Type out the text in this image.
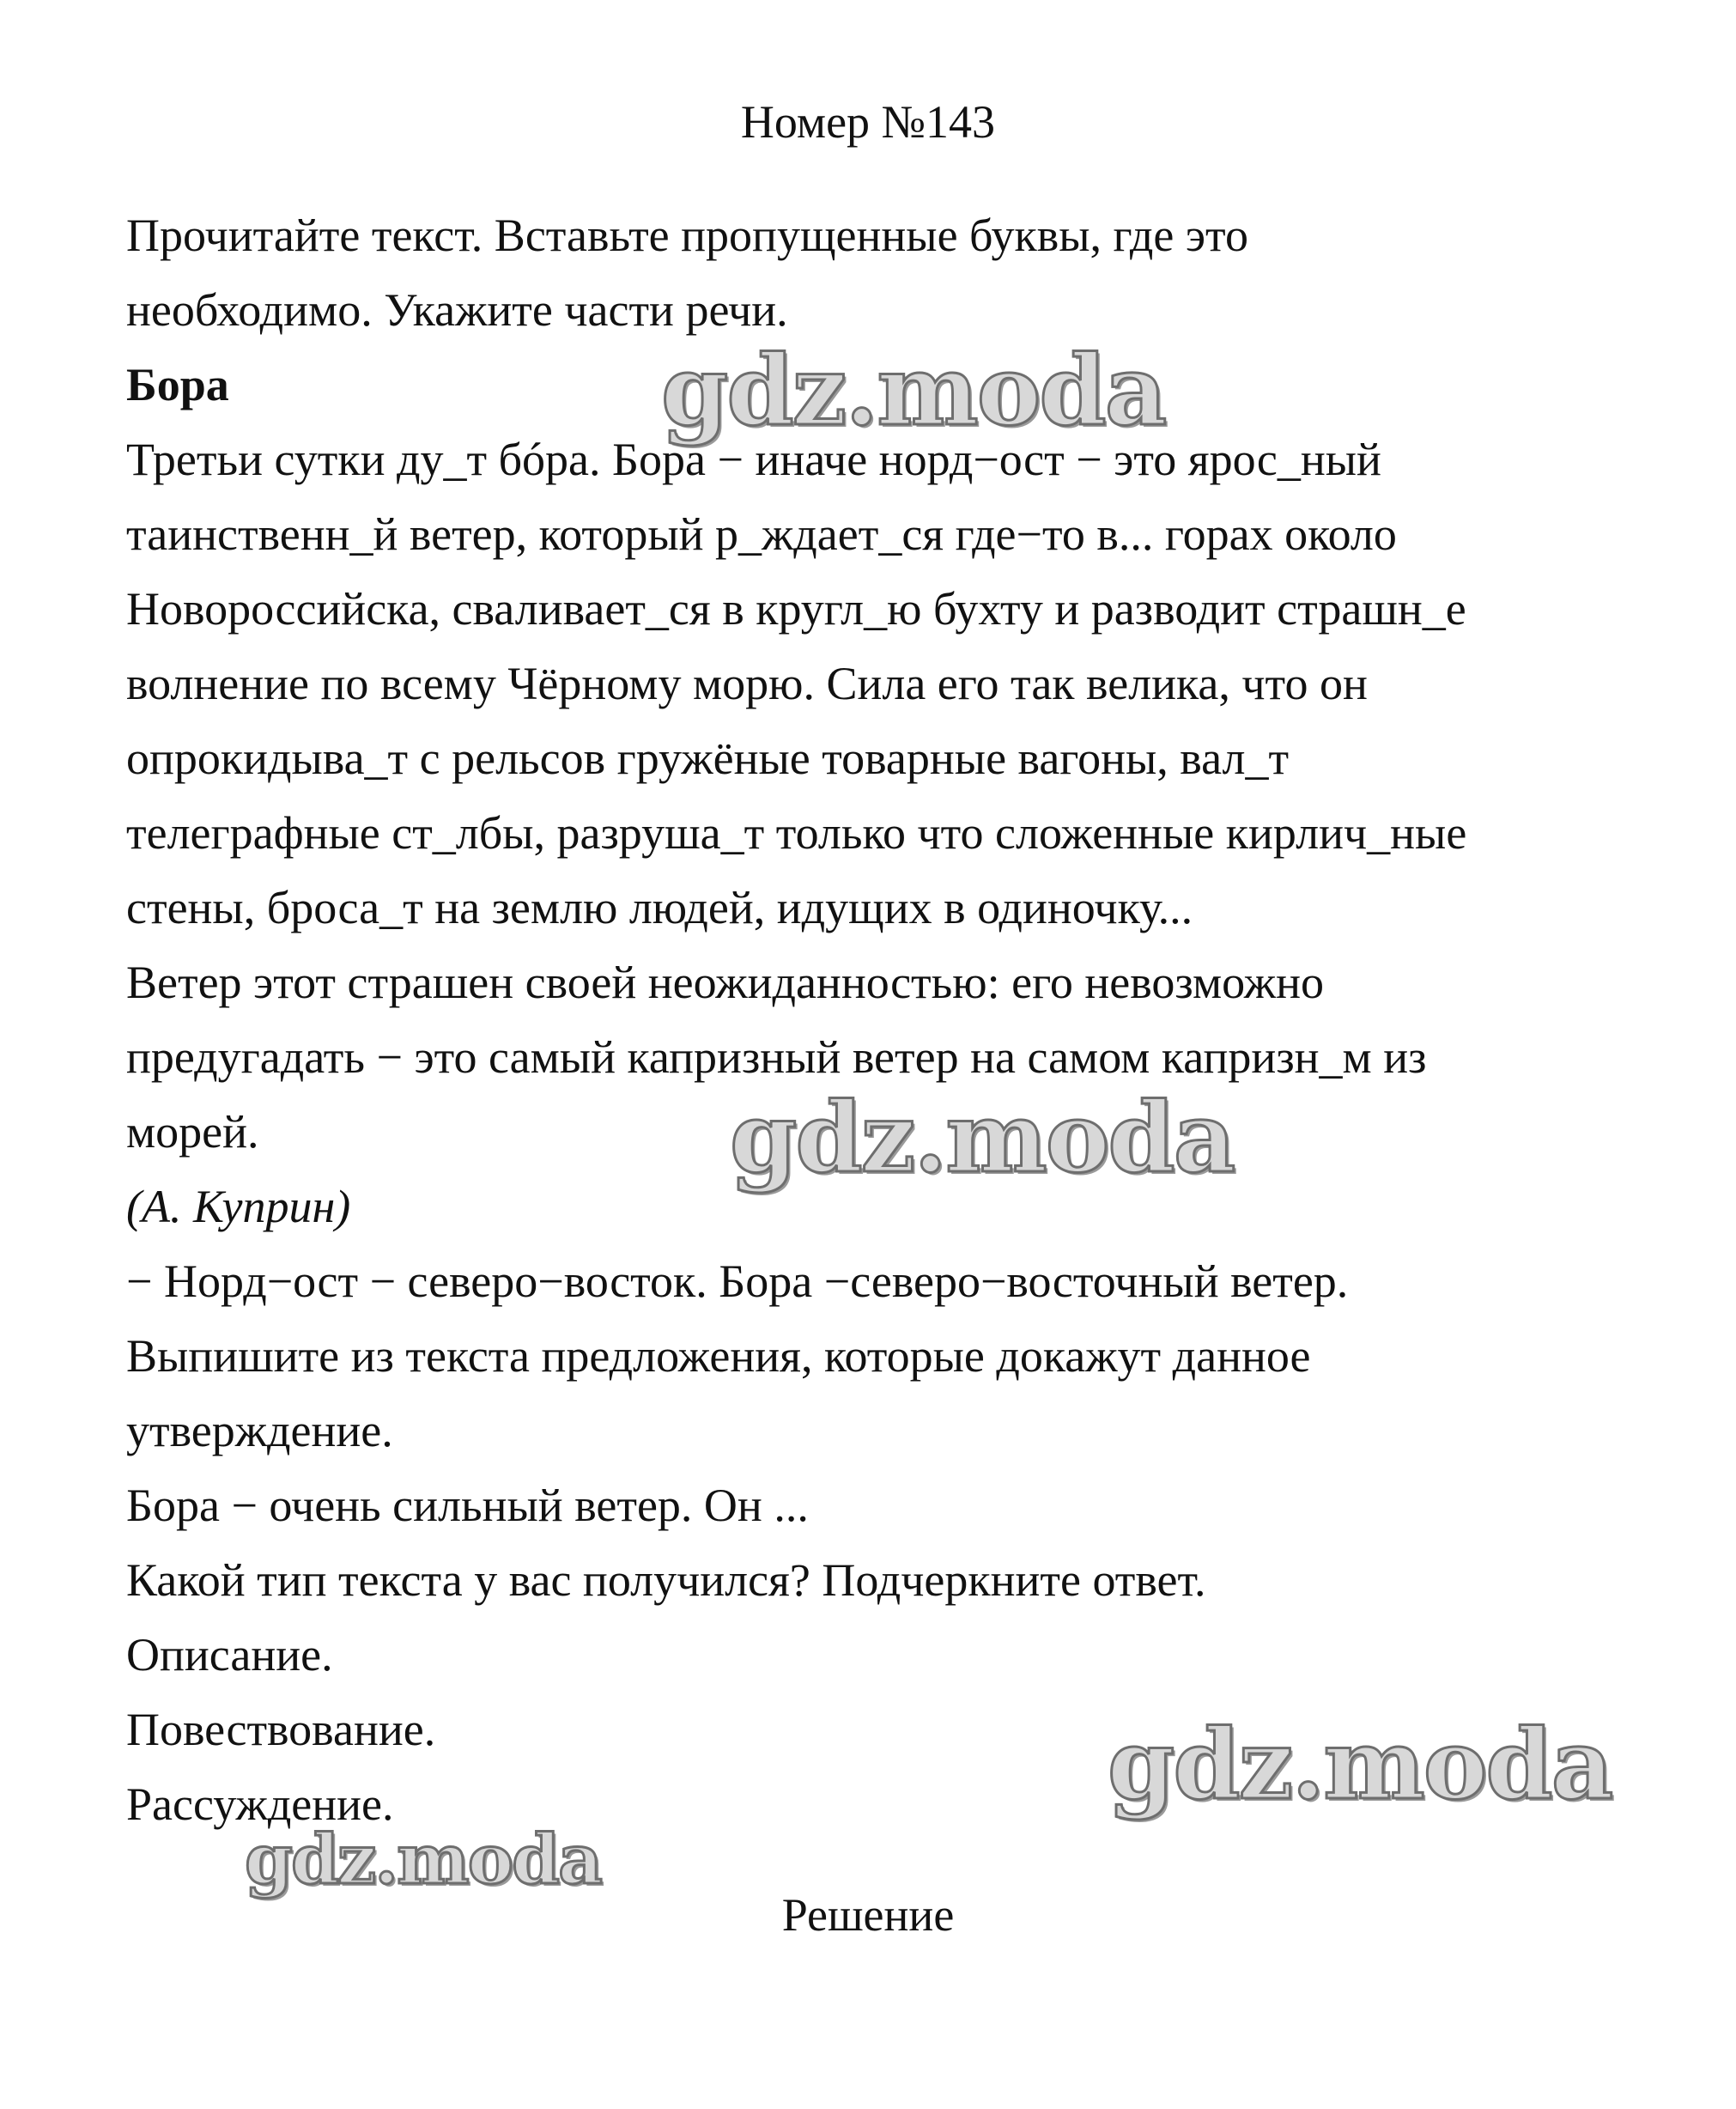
Номер №143
Прочитайте текст. Вставьте пропущенные буквы, где это
необходимо. Укажите части речи.
Бора
Третьи сутки ду_т бóра. Бора − иначе норд−ост − это ярос_ный
таинственн_й ветер, который р_ждает_ся где−то в... горах около
Новороссийска, сваливает_ся в кругл_ю бухту и разводит страшн_е
волнение по всему Чёрному морю. Сила его так велика, что он
опрокидыва_т с рельсов гружёные товарные вагоны, вал_т
телеграфные ст_лбы, разруша_т только что сложенные кирлич_ные
стены, броса_т на землю людей, идущих в одиночку...
Ветер этот страшен своей неожиданностью: его невозможно
предугадать − это самый капризный ветер на самом капризн_м из
морей.
(А. Куприн)
− Норд−ост − северо−восток. Бора −северо−восточный ветер.
Выпишите из текста предложения, которые докажут данное
утверждение.
Бора − очень сильный ветер. Он ...
Какой тип текста у вас получился? Подчеркните ответ.
Описание.
Повествование.
Рассуждение.
gdz.moda
gdz.moda
gdz.moda
gdz.moda
Решение
